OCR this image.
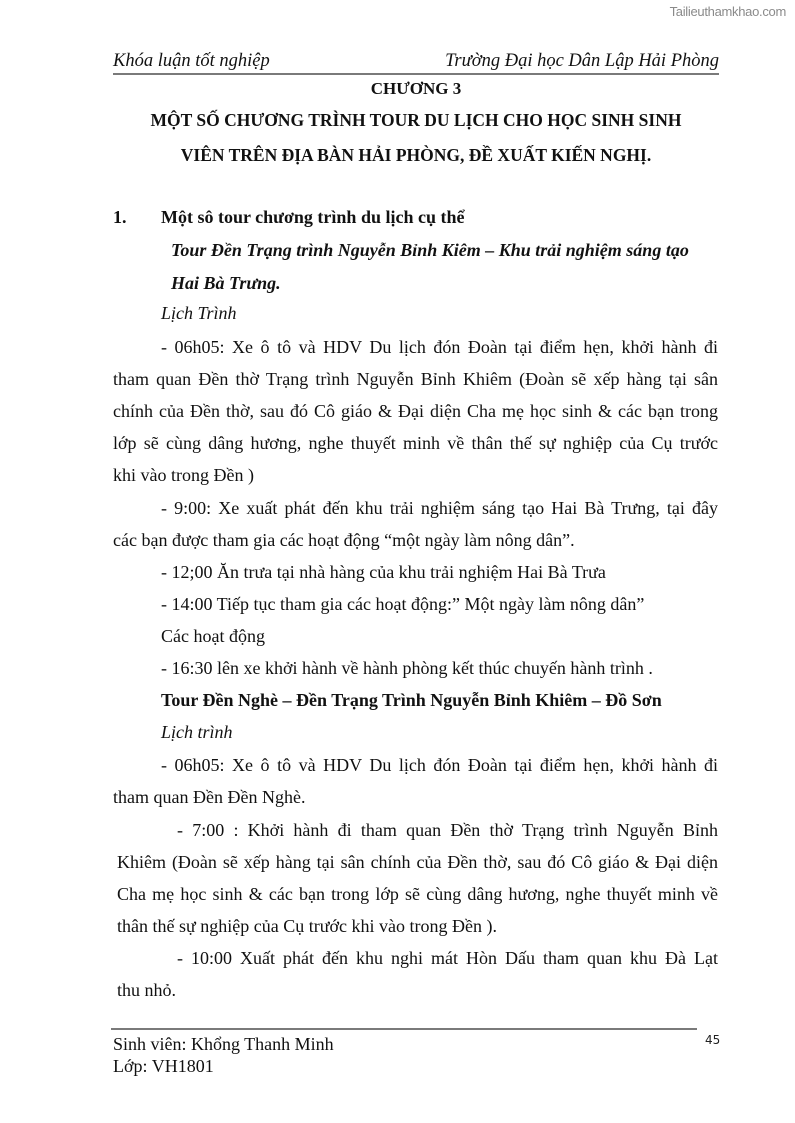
Tailieuthamkhao.com
Khóa luận tốt nghiệp	Trường Đại học Dân Lập Hải Phòng
CHƯƠNG 3
MỘT SỐ CHƯƠNG TRÌNH TOUR DU LỊCH CHO HỌC SINH SINH
VIÊN TRÊN ĐỊA BÀN HẢI PHÒNG, ĐỀ XUẤT KIẾN NGHỊ.
1. Một sô tour chương trình du lịch cụ thể
Tour Đền Trạng trình Nguyễn Bỉnh Kiêm – Khu trải nghiệm sáng tạo
Hai Bà Trưng.
Lịch Trình
- 06h05: Xe ô tô và HDV Du lịch đón Đoàn tại điểm hẹn, khởi hành đi
tham quan Đền thờ Trạng trình Nguyễn Bỉnh Khiêm (Đoàn sẽ xếp hàng tại sân
chính của Đền thờ, sau đó Cô giáo & Đại diện Cha mẹ học sinh & các bạn trong
lớp sẽ cùng dâng hương, nghe thuyết minh về thân thế sự nghiệp của Cụ trước
khi vào trong Đền )
- 9:00: Xe xuất phát đến khu trải nghiệm sáng tạo Hai Bà Trưng, tại đây
các bạn được tham gia các hoạt động “một ngày làm nông dân”.
- 12;00 Ăn trưa tại nhà hàng của khu trải nghiệm Hai Bà Trưa
- 14:00 Tiếp tục tham gia các hoạt động:” Một ngày làm nông dân”
Các hoạt động
- 16:30 lên xe khởi hành về hành phòng kết thúc chuyến hành trình .
Tour Đền Nghè – Đền Trạng Trình Nguyễn Bỉnh Khiêm – Đồ Sơn
Lịch trình
- 06h05: Xe ô tô và HDV Du lịch đón Đoàn tại điểm hẹn, khởi hành đi
tham quan Đền Đền Nghè.
- 7:00 : Khởi hành đi tham quan Đền thờ Trạng trình Nguyễn Bỉnh
Khiêm (Đoàn sẽ xếp hàng tại sân chính của Đền thờ, sau đó Cô giáo & Đại diện
Cha mẹ học sinh & các bạn trong lớp sẽ cùng dâng hương, nghe thuyết minh về
thân thế sự nghiệp của Cụ trước khi vào trong Đền ).
- 10:00 Xuất phát đến khu nghi mát Hòn Dấu tham quan khu Đà Lạt
thu nhỏ.
Sinh viên: Khổng Thanh Minh
Lớp: VH1801
45
